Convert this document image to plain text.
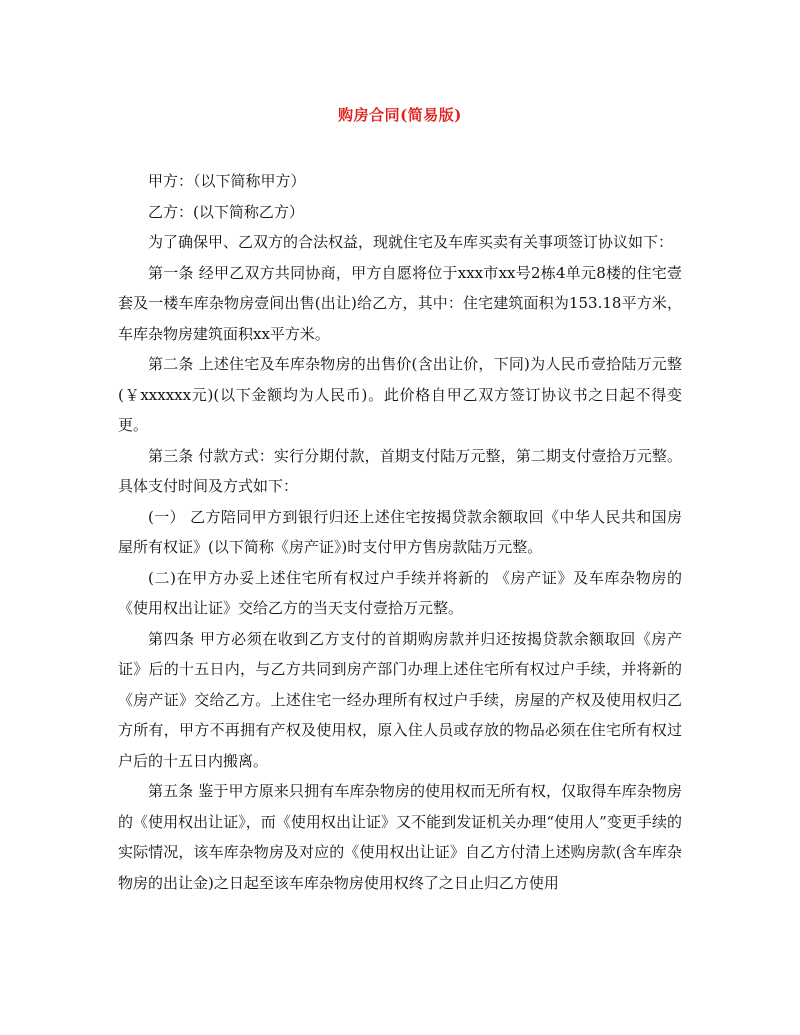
购房合同(简易版)

甲方：（以下简称甲方）

乙方：(以下简称乙方）

为了确保甲、乙双方的合法权益，现就住宅及车库买卖有关事项签订协议如下：

第一条 经甲乙双方共同协商，甲方自愿将位于xxx市xx号2栋4单元8楼的住宅壹套及一楼车库杂物房壹间出售(出让)给乙方，其中：住宅建筑面积为153.18平方米，车库杂物房建筑面积xx平方米。

第二条 上述住宅及车库杂物房的出售价(含出让价，下同)为人民币壹拾陆万元整(￥xxxxxx元)(以下金额均为人民币)。此价格自甲乙双方签订协议书之日起不得变更。

第三条 付款方式：实行分期付款，首期支付陆万元整，第二期支付壹拾万元整。具体支付时间及方式如下：

(一） 乙方陪同甲方到银行归还上述住宅按揭贷款余额取回《中华人民共和国房屋所有权证》(以下简称《房产证》)时支付甲方售房款陆万元整。

(二)在甲方办妥上述住宅所有权过户手续并将新的 《房产证》及车库杂物房的《使用权出让证》交给乙方的当天支付壹拾万元整。

第四条 甲方必须在收到乙方支付的首期购房款并归还按揭贷款余额取回《房产证》后的十五日内，与乙方共同到房产部门办理上述住宅所有权过户手续，并将新的《房产证》交给乙方。上述住宅一经办理所有权过户手续，房屋的产权及使用权归乙方所有，甲方不再拥有产权及使用权，原入住人员或存放的物品必须在住宅所有权过户后的十五日内搬离。

第五条 鉴于甲方原来只拥有车库杂物房的使用权而无所有权，仅取得车库杂物房的《使用权出让证》，而《使用权出让证》又不能到发证机关办理“使用人”变更手续的实际情况，该车库杂物房及对应的《使用权出让证》自乙方付清上述购房款(含车库杂物房的出让金)之日起至该车库杂物房使用权终了之日止归乙方使用
